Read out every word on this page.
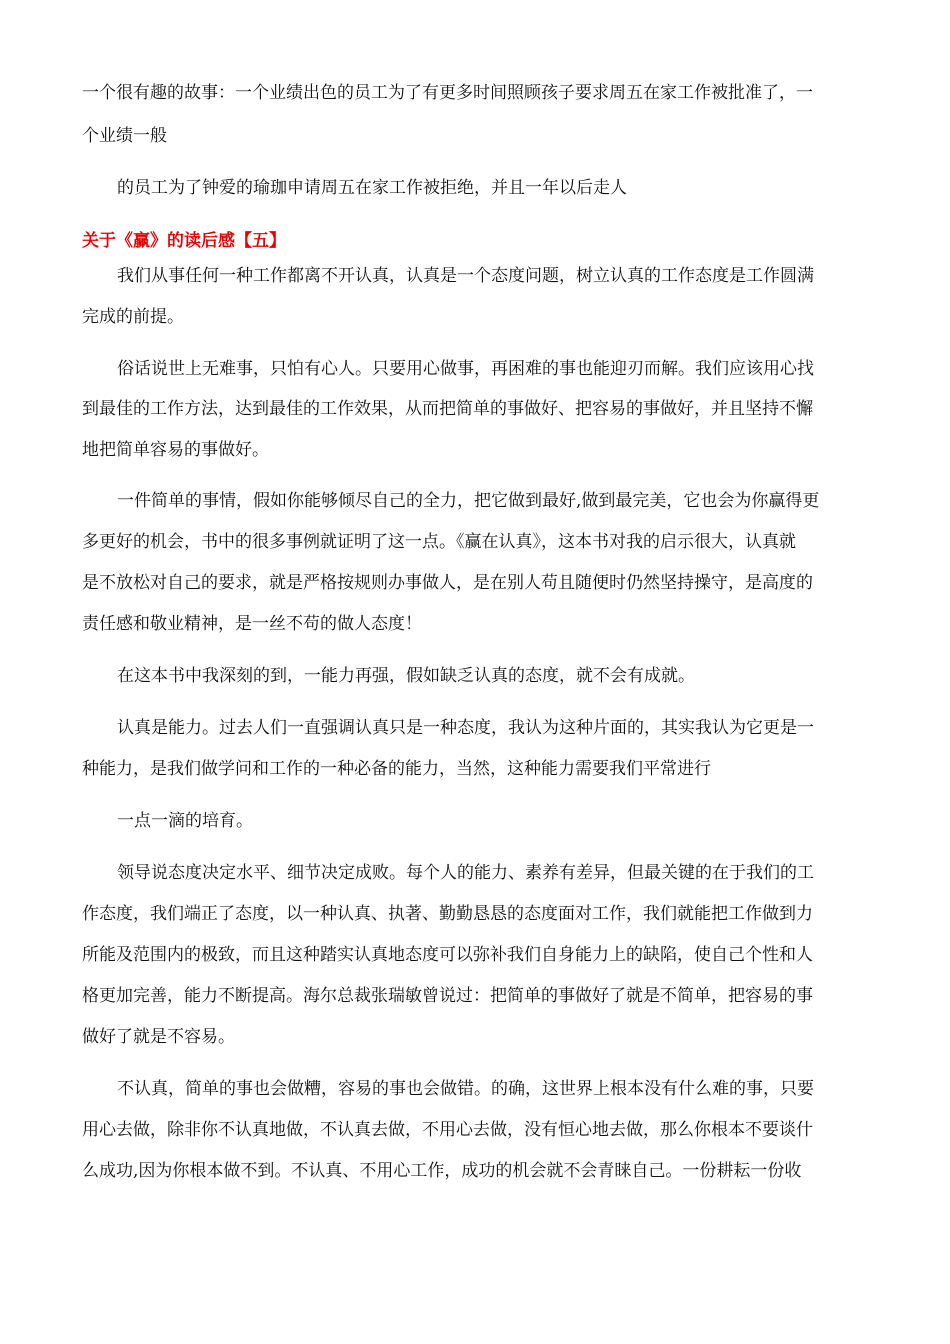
一个很有趣的故事：一个业绩出色的员工为了有更多时间照顾孩子要求周五在家工作被批准了，一
个业绩一般
的员工为了钟爱的瑜珈申请周五在家工作被拒绝，并且一年以后走人
关于《赢》的读后感【五】
我们从事任何一种工作都离不开认真，认真是一个态度问题，树立认真的工作态度是工作圆满
完成的前提。
俗话说世上无难事，只怕有心人。只要用心做事，再困难的事也能迎刃而解。我们应该用心找
到最佳的工作方法，达到最佳的工作效果，从而把简单的事做好、把容易的事做好，并且坚持不懈
地把简单容易的事做好。
一件简单的事情，假如你能够倾尽自己的全力，把它做到最好,做到最完美，它也会为你赢得更
多更好的机会，书中的很多事例就证明了这一点。《赢在认真》，这本书对我的启示很大，认真就
是不放松对自己的要求，就是严格按规则办事做人，是在别人苟且随便时仍然坚持操守，是高度的
责任感和敬业精神，是一丝不苟的做人态度！
在这本书中我深刻的到，一能力再强，假如缺乏认真的态度，就不会有成就。
认真是能力。过去人们一直强调认真只是一种态度，我认为这种片面的，其实我认为它更是一
种能力，是我们做学问和工作的一种必备的能力，当然，这种能力需要我们平常进行
一点一滴的培育。
领导说态度决定水平、细节决定成败。每个人的能力、素养有差异，但最关键的在于我们的工
作态度，我们端正了态度，以一种认真、执著、勤勤恳恳的态度面对工作，我们就能把工作做到力
所能及范围内的极致，而且这种踏实认真地态度可以弥补我们自身能力上的缺陷，使自己个性和人
格更加完善，能力不断提高。海尔总裁张瑞敏曾说过：把简单的事做好了就是不简单，把容易的事
做好了就是不容易。
不认真，简单的事也会做糟，容易的事也会做错。的确，这世界上根本没有什么难的事，只要
用心去做，除非你不认真地做，不认真去做，不用心去做，没有恒心地去做，那么你根本不要谈什
么成功,因为你根本做不到。不认真、不用心工作，成功的机会就不会青睐自己。一份耕耘一份收
